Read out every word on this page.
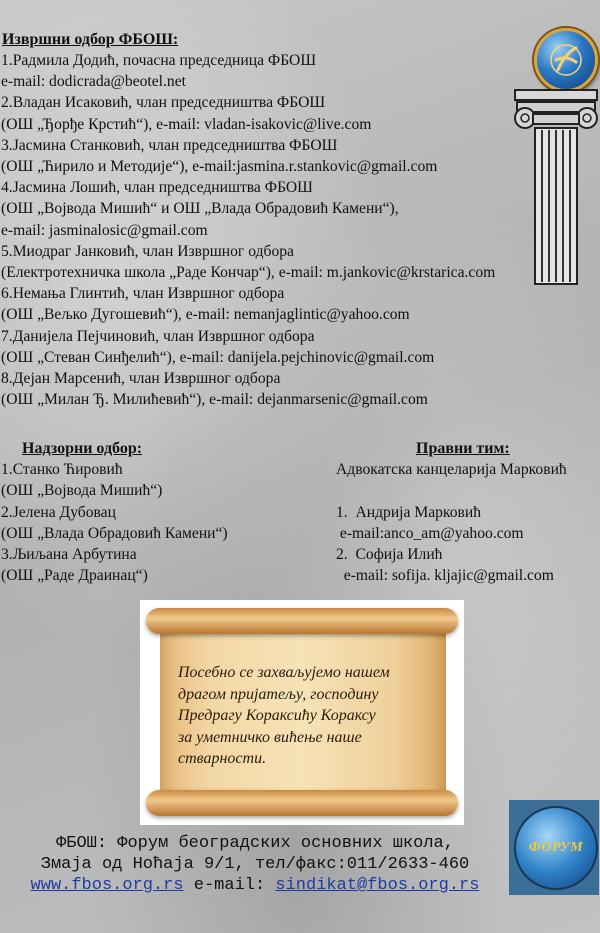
Извршни одбор ФБОШ:
1.Радмила Додић, почасна председница ФБОШ
e-mail: dodicrada@beotel.net
2.Владан Исаковић, члан председништва ФБОШ
(ОШ „Ђорђе Крстић“), e-mail: vladan-isakovic@live.com
3.Јасмина Станковић, члан председништва ФБОШ
(ОШ „Ћирило и Методије“), e-mail:jasmina.r.stankovic@gmail.com
4.Јасмина Лошић, члан председништва ФБОШ
(ОШ „Војвода Мишић“ и ОШ „Влада Обрадовић Камени“),
e-mail: jasminalosic@gmail.com
5.Миодраг Јанковић, члан Извршног одбора
(Електротехничка школа „Раде Кончар“), e-mail: m.jankovic@krstarica.com
6.Немања Глинтић, члан Извршног одбора
(ОШ „Вељко Дугошевић“), e-mail: nemanjaglintic@yahoo.com
7.Данијела Пејчиновић, члан Извршног одбора
(ОШ „Стеван Синђелић“), e-mail: danijela.pejchinovic@gmail.com
8.Дејан Марсенић, члан Извршног одбора
(ОШ „Милан Ђ. Милићевић“), e-mail: dejanmarsenic@gmail.com
Надзорни одбор:	Правни тим:
1.Станко Ћировић
(ОШ „Војвода Мишић“)
2.Јелена Дубовац
(ОШ „Влада Обрадовић Камени“)
3.Љиљана Арбутина
(ОШ „Раде Драинац“)
Адвокатска канцеларија Марковић
1.  Андрија Марковић
e-mail:anco_am@yahoo.com
2.  Софија Илић
e-mail: sofija. kljajic@gmail.com
Посебно се захваљујемо нашем
драгом пријатељу, господину
Предрагу Кораксићу Кораксу
за уметничко вићење наше
стварности.
ФБОШ: Форум београдских основних школа,
Змаја од Ноћаја 9/1, тел/факс:011/2633-460
www.fbos.org.rs e-mail: sindikat@fbos.org.rs
ФОРУМ
